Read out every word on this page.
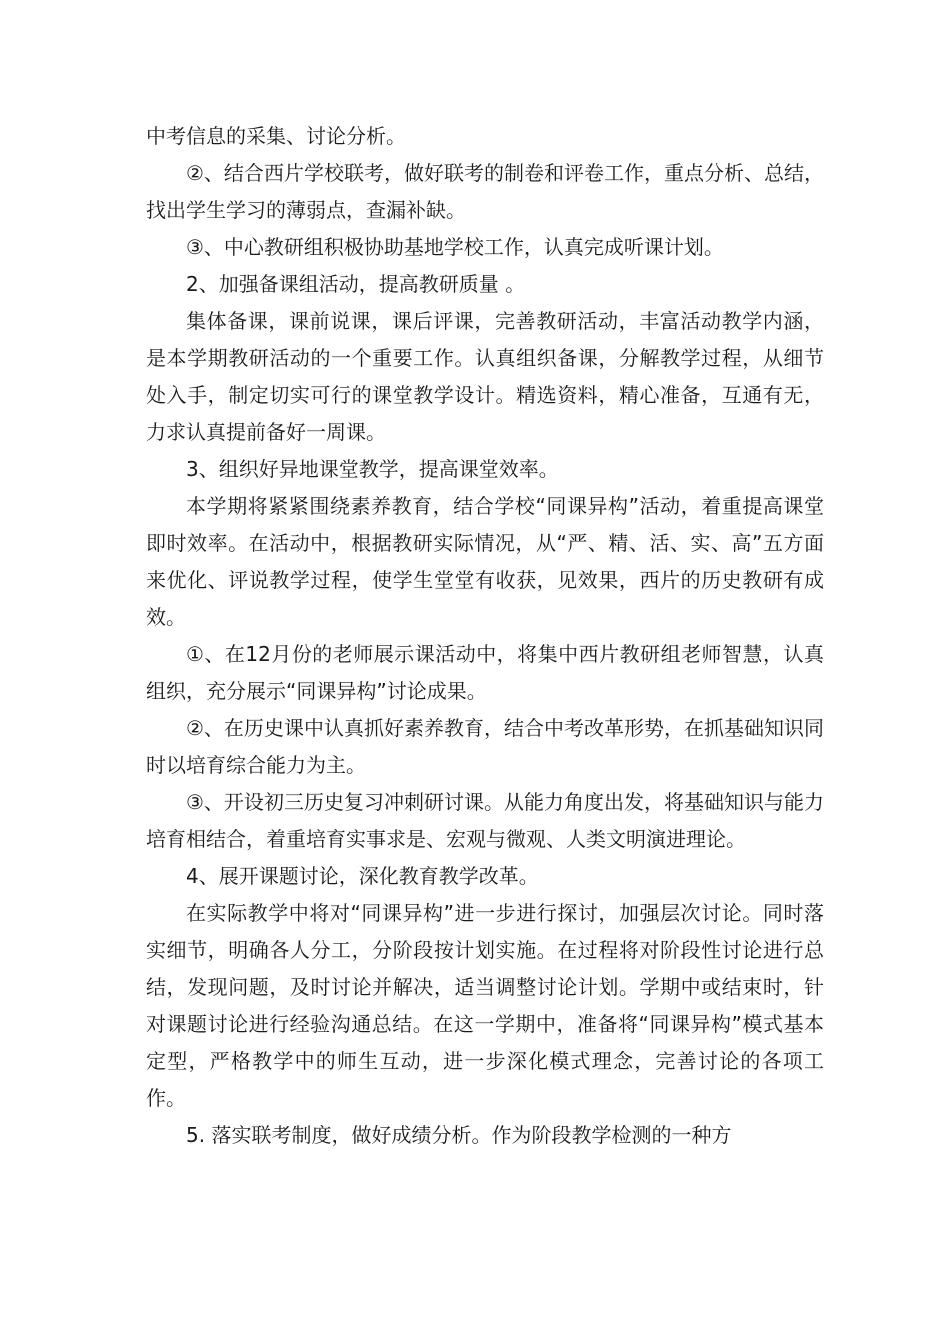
中考信息的采集、讨论分析。

②、结合西片学校联考，做好联考的制卷和评卷工作，重点分析、总结，找出学生学习的薄弱点，查漏补缺。

③、中心教研组积极协助基地学校工作，认真完成听课计划。

2、加强备课组活动，提高教研质量 。

集体备课，课前说课，课后评课，完善教研活动，丰富活动教学内涵，是本学期教研活动的一个重要工作。认真组织备课，分解教学过程，从细节处入手，制定切实可行的课堂教学设计。精选资料，精心准备，互通有无，力求认真提前备好一周课。

3、组织好异地课堂教学，提高课堂效率。

本学期将紧紧围绕素养教育，结合学校“同课异构”活动，着重提高课堂即时效率。在活动中，根据教研实际情况，从“严、精、活、实、高”五方面来优化、评说教学过程，使学生堂堂有收获，见效果，西片的历史教研有成效。

①、在12月份的老师展示课活动中，将集中西片教研组老师智慧，认真组织，充分展示“同课异构”讨论成果。

②、在历史课中认真抓好素养教育，结合中考改革形势，在抓基础知识同时以培育综合能力为主。

③、开设初三历史复习冲刺研讨课。从能力角度出发，将基础知识与能力培育相结合，着重培育实事求是、宏观与微观、人类文明演进理论。

4、展开课题讨论，深化教育教学改革。

在实际教学中将对“同课异构”进一步进行探讨，加强层次讨论。同时落实细节，明确各人分工，分阶段按计划实施。在过程将对阶段性讨论进行总结，发现问题，及时讨论并解决，适当调整讨论计划。学期中或结束时，针对课题讨论进行经验沟通总结。在这一学期中，准备将“同课异构”模式基本定型，严格教学中的师生互动，进一步深化模式理念，完善讨论的各项工作。

5. 落实联考制度，做好成绩分析。作为阶段教学检测的一种方
